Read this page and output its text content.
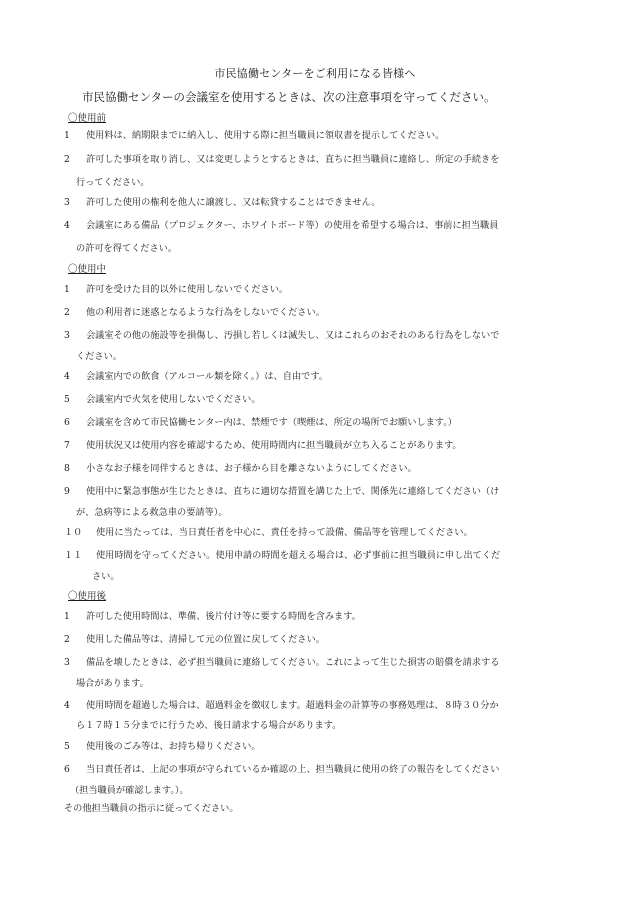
市民協働センターをご利用になる皆様へ
市民協働センターの会議室を使用するときは、次の注意事項を守ってください。
〇使用前
1 使用料は、納期限までに納入し、使用する際に担当職員に領収書を提示してください。
2 許可した事項を取り消し、又は変更しようとするときは、直ちに担当職員に連絡し、所定の手続きを
行ってください。
3 許可した使用の権利を他人に譲渡し、又は転貸することはできません。
4 会議室にある備品（プロジェクター、ホワイトボード等）の使用を希望する場合は、事前に担当職員
の許可を得てください。
〇使用中
1 許可を受けた目的以外に使用しないでください。
2 他の利用者に迷惑となるような行為をしないでください。
3 会議室その他の施設等を損傷し、汚損し若しくは滅失し、又はこれらのおそれのある行為をしないで
ください。
4 会議室内での飲食（アルコール類を除く。）は、自由です。
5 会議室内で火気を使用しないでください。
6 会議室を含めて市民協働センター内は、禁煙です（喫煙は、所定の場所でお願いします。）
7 使用状況又は使用内容を確認するため、使用時間内に担当職員が立ち入ることがあります。
8 小さなお子様を同伴するときは、お子様から目を離さないようにしてください。
9 使用中に緊急事態が生じたときは、直ちに適切な措置を講じた上で、関係先に連絡してください（け
が、急病等による救急車の要請等）。
１０ 使用に当たっては、当日責任者を中心に、責任を持って設備、備品等を管理してください。
１１ 使用時間を守ってください。使用申請の時間を超える場合は、必ず事前に担当職員に申し出てくだ
さい。
〇使用後
1 許可した使用時間は、準備、後片付け等に要する時間を含みます。
2 使用した備品等は、清掃して元の位置に戻してください。
3 備品を壊したときは、必ず担当職員に連絡してください。これによって生じた損害の賠償を請求する
場合があります。
4 使用時間を超過した場合は、超過料金を徴収します。超過料金の計算等の事務処理は、８時３０分か
ら１７時１５分までに行うため、後日請求する場合があります。
5 使用後のごみ等は、お持ち帰りください。
6 当日責任者は、上記の事項が守られているか確認の上、担当職員に使用の終了の報告をしてください
（担当職員が確認します。）。
その他担当職員の指示に従ってください。
